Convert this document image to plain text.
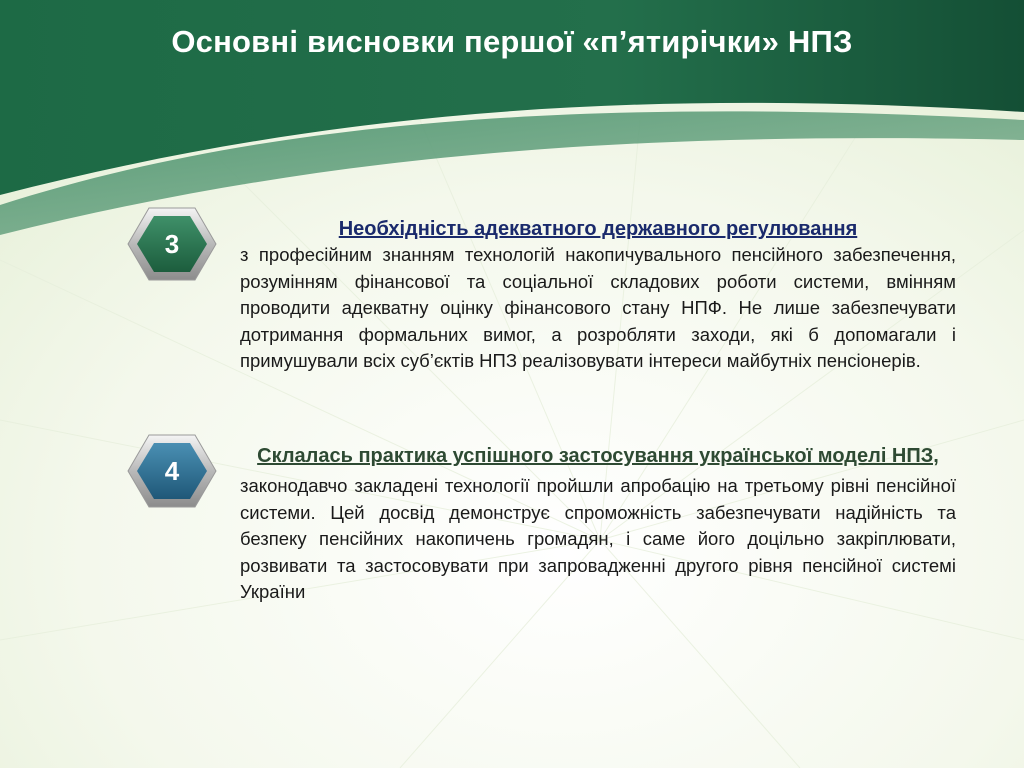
Основні висновки першої «п’ятирічки» НПЗ
3	Необхідність адекватного державного регулювання
з професійним знанням технологій накопичувального пенсійного забезпечення, розумінням фінансової та соціальної складових роботи системи, вмінням проводити адекватну оцінку фінансового стану НПФ. Не лише забезпечувати дотримання формальних вимог, а розробляти заходи, які б допомагали і примушували всіх суб’єктів НПЗ реалізовувати інтереси майбутніх пенсіонерів.
4	Склалась практика успішного застосування української моделі НПЗ,
законодавчо закладені технології пройшли апробацію на третьому рівні пенсійної системи. Цей досвід демонструє спроможність забезпечувати надійність та безпеку пенсійних накопичень громадян, і саме його доцільно закріплювати, розвивати та застосовувати при запровадженні другого рівня пенсійної системі України
